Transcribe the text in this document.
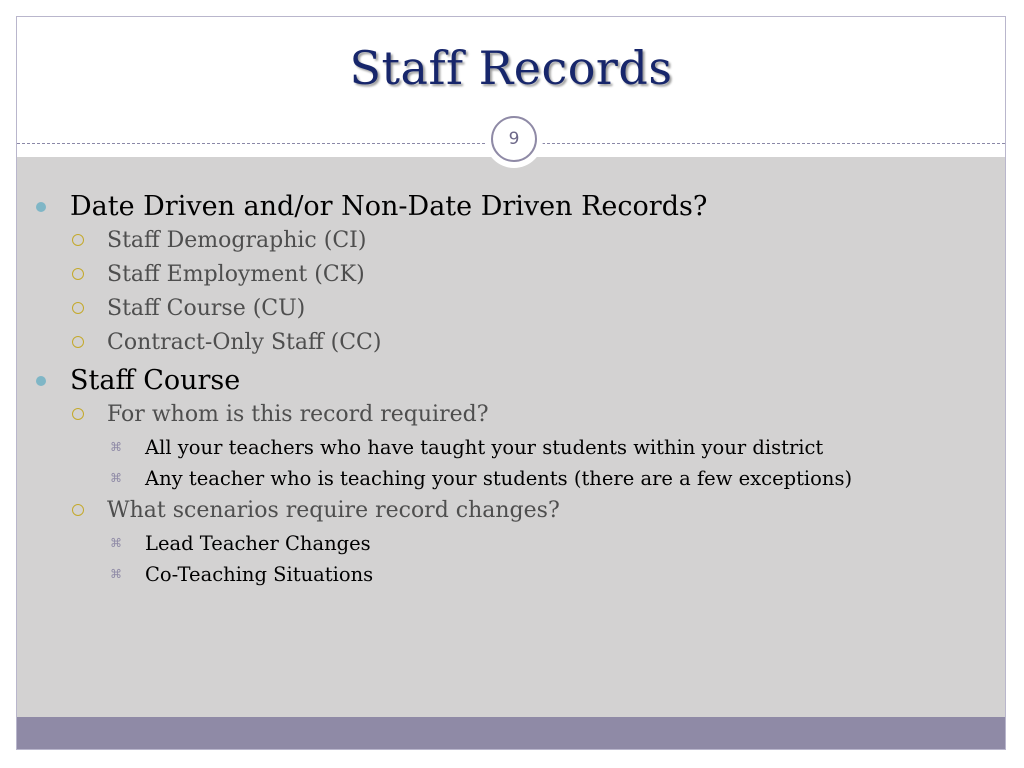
Staff Records
9
Date Driven and/or Non-Date Driven Records?
Staff Demographic (CI)
Staff Employment (CK)
Staff Course (CU)
Contract-Only Staff (CC)
Staff Course
For whom is this record required?
⌘ All your teachers who have taught your students within your district
⌘ Any teacher who is teaching your students (there are a few exceptions)
What scenarios require record changes?
⌘ Lead Teacher Changes
⌘ Co-Teaching Situations
